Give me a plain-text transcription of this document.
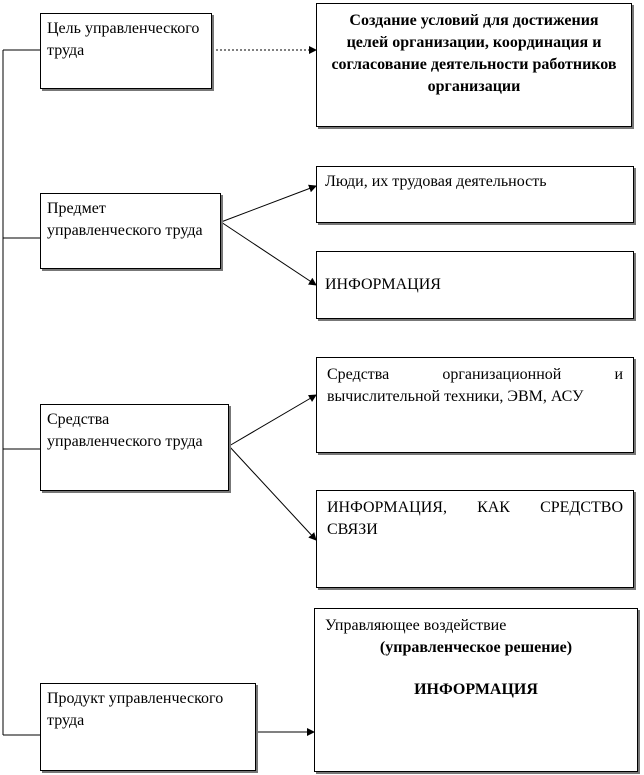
Цель управленческого труда
Предмет управленческого труда
Средства управленческого труда
Продукт управленческого труда
Создание условий для достижения целей организации, координация и согласование деятельности работников организации
Люди, их трудовая деятельность
ИНФОРМАЦИЯ
Средства организационной и вычислительной техники, ЭВМ, АСУ
ИНФОРМАЦИЯ, КАК СРЕДСТВО СВЯЗИ
Управляющее воздействие
(управленческое решение)
ИНФОРМАЦИЯ
